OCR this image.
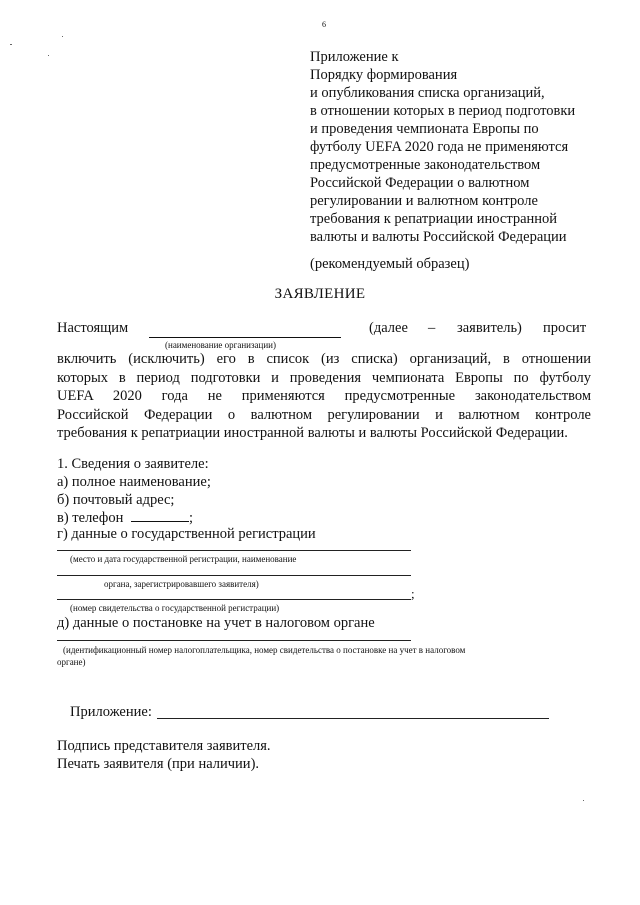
6
Приложение к
Порядку формирования
и опубликования списка организаций,
в отношении которых в период подготовки
и проведения чемпионата Европы по
футболу UEFA 2020 года не применяются
предусмотренные законодательством
Российской Федерации о валютном
регулировании и валютном контроле
требования к репатриации иностранной
валюты и валюты Российской Федерации
(рекомендуемый образец)
ЗАЯВЛЕНИЕ
Настоящим
(наименование организации)
(далее – заявитель) просит
включить (исключить) его в список (из списка) организаций, в отношении
которых в период подготовки и проведения чемпионата Европы по футболу
UEFA 2020 года не применяются предусмотренные законодательством
Российской Федерации о валютном регулировании и валютном контроле
требования к репатриации иностранной валюты и валюты Российской Федерации.
1. Сведения о заявителе:
а) полное наименование;
б) почтовый адрес;
в) телефон	;
г) данные о государственной регистрации
(место и дата государственной регистрации, наименование
органа, зарегистрировавшего заявителя)
;
(номер свидетельства о государственной регистрации)
д) данные о постановке на учет в налоговом органе
(идентификационный номер налогоплательщика, номер свидетельства о постановке на учет в налоговом
органе)
Приложение:
Подпись представителя заявителя.
Печать заявителя (при наличии).
